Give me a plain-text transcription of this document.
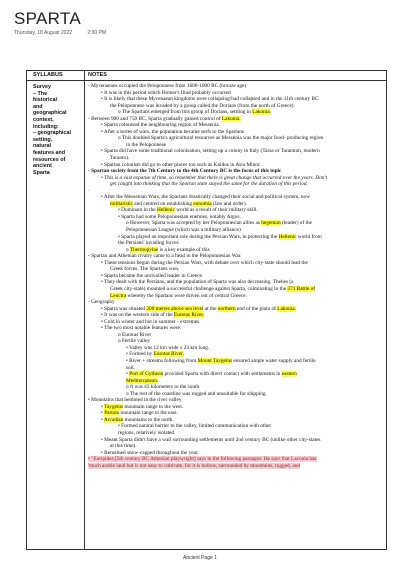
SPARTA
Thursday, 18 August 2022	2:00 PM
SYLLABUS	NOTES
Survey
– The
historical
and
geographical
context,
including:
– geographical
setting,
natural
features and
resources of
ancient
Sparta
- Mycenaeans occupied the Peloponnese from 1600-1000 BC (bronze age)
• It was in this period which Homer's Iliad probably occurred
• It is likely that these Mycenaean kingdoms were collapsing/had collapsed and in the 11th century BC
the Peloponnese was invaded by a group called the Dorians (from the north of Greece).
o The Spartans emerged from this group of Dorians, settling in Lakonia.
- Between 900 and 750 BC, Sparta gradually gained control of Lakonia.
• Sparta colonised the neighbouring region of Messenia.
• After a series of wars, the population became serfs to the Spartans
o This doubled Sparta's agricultural resources as Messenia was the major food- producing region
in the Peloponnese
• Sparta did have some traditional colonisation, setting up a colony in Italy (Taras or Tarantum, modern
Taranto).
• Spartan colonists did go to other places too such as Knidos in Asia Minor.
- Spartan society from the 7th Century to the 4th Century BC is the focus of this topic
• This is a vast expanse of time, so remember that there is great change that occurred over the years. Don't
get caught into thinking that the Spartan state stayed the same for the duration of this period.
·
• After the Messenian Wars, the Spartans drastically changed their social and political system, now
militaristic and centred on establishing eunomia (law and order).
• Dominant in the Hellenic world as a result of their military skill.
• Sparta had some Peloponnesian enemies, notably Argos.
o However, Sparta was accepted by her Peloponnesian allies as hegemon (leader) of the
Peloponnesian League (which was a military alliance)
• Sparta played an important role during the Persian Wars, in protecting the Hellenic world from
the Persians' invading forces
o Thermopylae is a key example of this
- Spartan and Athenian rivalry came to a head in the Peloponnesian War.
• These tensions begun during the Persian Wars, with debate over which city-state should lead the
Greek forces. The Spartans won.
• Sparta became the unrivalled leader in Greece.
• They dealt with the Persians, and the population of Sparta was also decreasing. Thebes (a
Greek city-state) mounted a successful challenge against Sparta, culminating in the 371 Battle of
Leuctra whereby the Spartans were driven out of central Greece.
- Geography
• Sparta was situated 200 metres above sea level at the northern end of the plain of Lakonia.
• It was on the western side of the Eurotas River.
• Cold in winter and hot in summer - extremes.
• The two most notable features were:
o Eurotas River
o Fertile valley
• Valley was 12 km wide x 23 km long.
• Formed by Eurotas River.
• River + streams following from Mount Taygetus ensured ample water supply and fertile
soil.
• Port of Gytheon provided Sparta with direct contact with settlements in eastern
Mediterranean.
o It was 42 kilometers to the south.
o The rest of the coastline was rugged and unsuitable for shipping.
• Mountains that hemmed in the river valley
• Taygetus mountain range to the west.
• Parnon mountain range to the east.
• Arcadian mountains to the north.
• Formed natural barrier to the valley, limited communication with other
regions, relatively isolated.
• Meant Sparta didn't have a wall surrounding settlements until 2nd century BC (unlike other city-states
at this time).
• Remained snow-capped throughout the year.
• "Euripides [5th century BC Athenian playwright] says in the following passages: He says that Laconia has
'much arable land but is not easy to cultivate, for it is hollow, surrounded by mountains, rugged, and
Ancient Page 1
